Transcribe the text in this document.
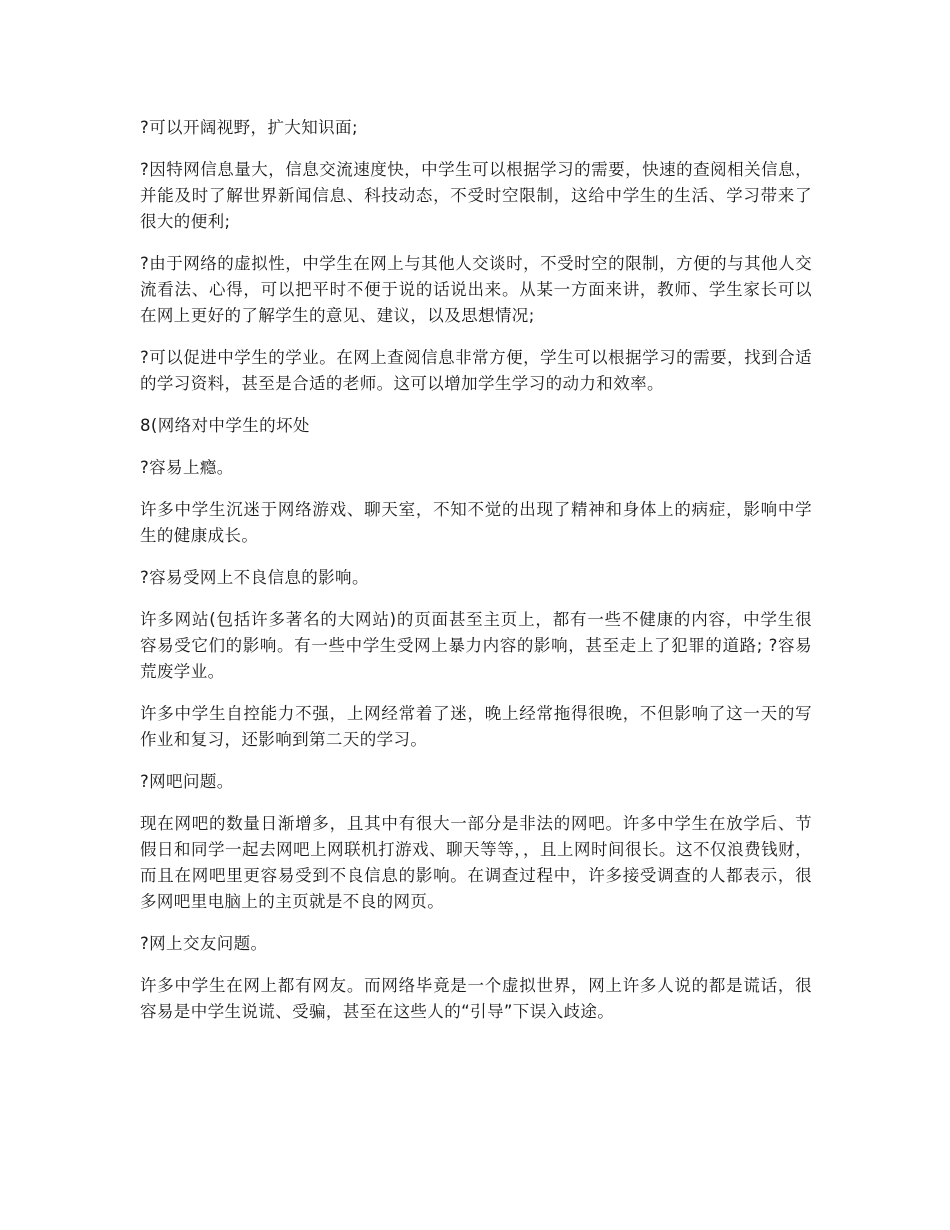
?可以开阔视野，扩大知识面;

?因特网信息量大，信息交流速度快，中学生可以根据学习的需要，快速的查阅相关信息，并能及时了解世界新闻信息、科技动态，不受时空限制，这给中学生的生活、学习带来了很大的便利;

?由于网络的虚拟性，中学生在网上与其他人交谈时，不受时空的限制，方便的与其他人交流看法、心得，可以把平时不便于说的话说出来。从某一方面来讲，教师、学生家长可以在网上更好的了解学生的意见、建议，以及思想情况;

?可以促进中学生的学业。在网上查阅信息非常方便，学生可以根据学习的需要，找到合适的学习资料，甚至是合适的老师。这可以增加学生学习的动力和效率。

8(网络对中学生的坏处

?容易上瘾。

许多中学生沉迷于网络游戏、聊天室，不知不觉的出现了精神和身体上的病症，影响中学生的健康成长。

?容易受网上不良信息的影响。

许多网站(包括许多著名的大网站)的页面甚至主页上，都有一些不健康的内容，中学生很容易受它们的影响。有一些中学生受网上暴力内容的影响，甚至走上了犯罪的道路; ?容易荒废学业。

许多中学生自控能力不强，上网经常着了迷，晚上经常拖得很晚，不但影响了这一天的写作业和复习，还影响到第二天的学习。

?网吧问题。

现在网吧的数量日渐增多，且其中有很大一部分是非法的网吧。许多中学生在放学后、节假日和同学一起去网吧上网联机打游戏、聊天等等，，且上网时间很长。这不仅浪费钱财，而且在网吧里更容易受到不良信息的影响。在调查过程中，许多接受调查的人都表示，很多网吧里电脑上的主页就是不良的网页。

?网上交友问题。

许多中学生在网上都有网友。而网络毕竟是一个虚拟世界，网上许多人说的都是谎话，很容易是中学生说谎、受骗，甚至在这些人的“引导”下误入歧途。
